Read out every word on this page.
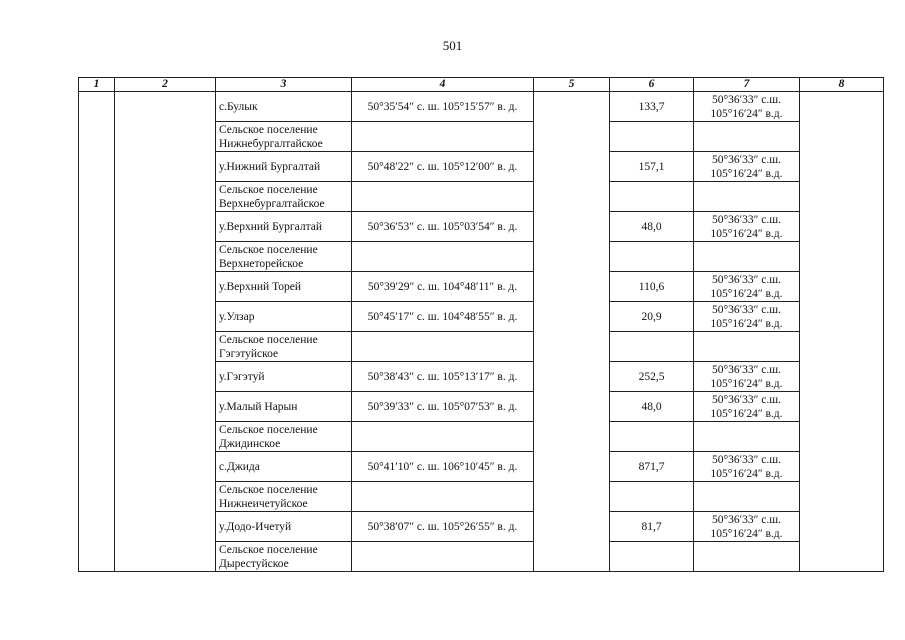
501
1	2	3	4	5	6	7	8
		с.Булык	50°35′54″ с. ш. 105°15′57″ в. д.		133,7	50°36′33″ с.ш.
105°16′24″ в.д.	
		Сельское поселение Нижнебургалтайское					
		у.Нижний Бургалтай	50°48′22″ с. ш. 105°12′00″ в. д.		157,1	50°36′33″ с.ш.
105°16′24″ в.д.	
		Сельское поселение Верхнебургалтайское					
		у.Верхний Бургалтай	50°36′53″ с. ш. 105°03′54″ в. д.		48,0	50°36′33″ с.ш.
105°16′24″ в.д.	
		Сельское поселение Верхнеторейское					
		у.Верхний Торей	50°39′29″ с. ш. 104°48′11″ в. д.		110,6	50°36′33″ с.ш.
105°16′24″ в.д.	
		у.Улзар	50°45′17″ с. ш. 104°48′55″ в. д.		20,9	50°36′33″ с.ш.
105°16′24″ в.д.	
		Сельское поселение Гэгэтуйское					
		у.Гэгэтуй	50°38′43″ с. ш. 105°13′17″ в. д.		252,5	50°36′33″ с.ш.
105°16′24″ в.д.	
		у.Малый Нарын	50°39′33″ с. ш. 105°07′53″ в. д.		48,0	50°36′33″ с.ш.
105°16′24″ в.д.	
		Сельское поселение Джидинское					
		с.Джида	50°41′10″ с. ш. 106°10′45″ в. д.		871,7	50°36′33″ с.ш.
105°16′24″ в.д.	
		Сельское поселение Нижнеичетуйское					
		у.Додо-Ичетуй	50°38′07″ с. ш. 105°26′55″ в. д.		81,7	50°36′33″ с.ш.
105°16′24″ в.д.	
		Сельское поселение Дырестуйское					
